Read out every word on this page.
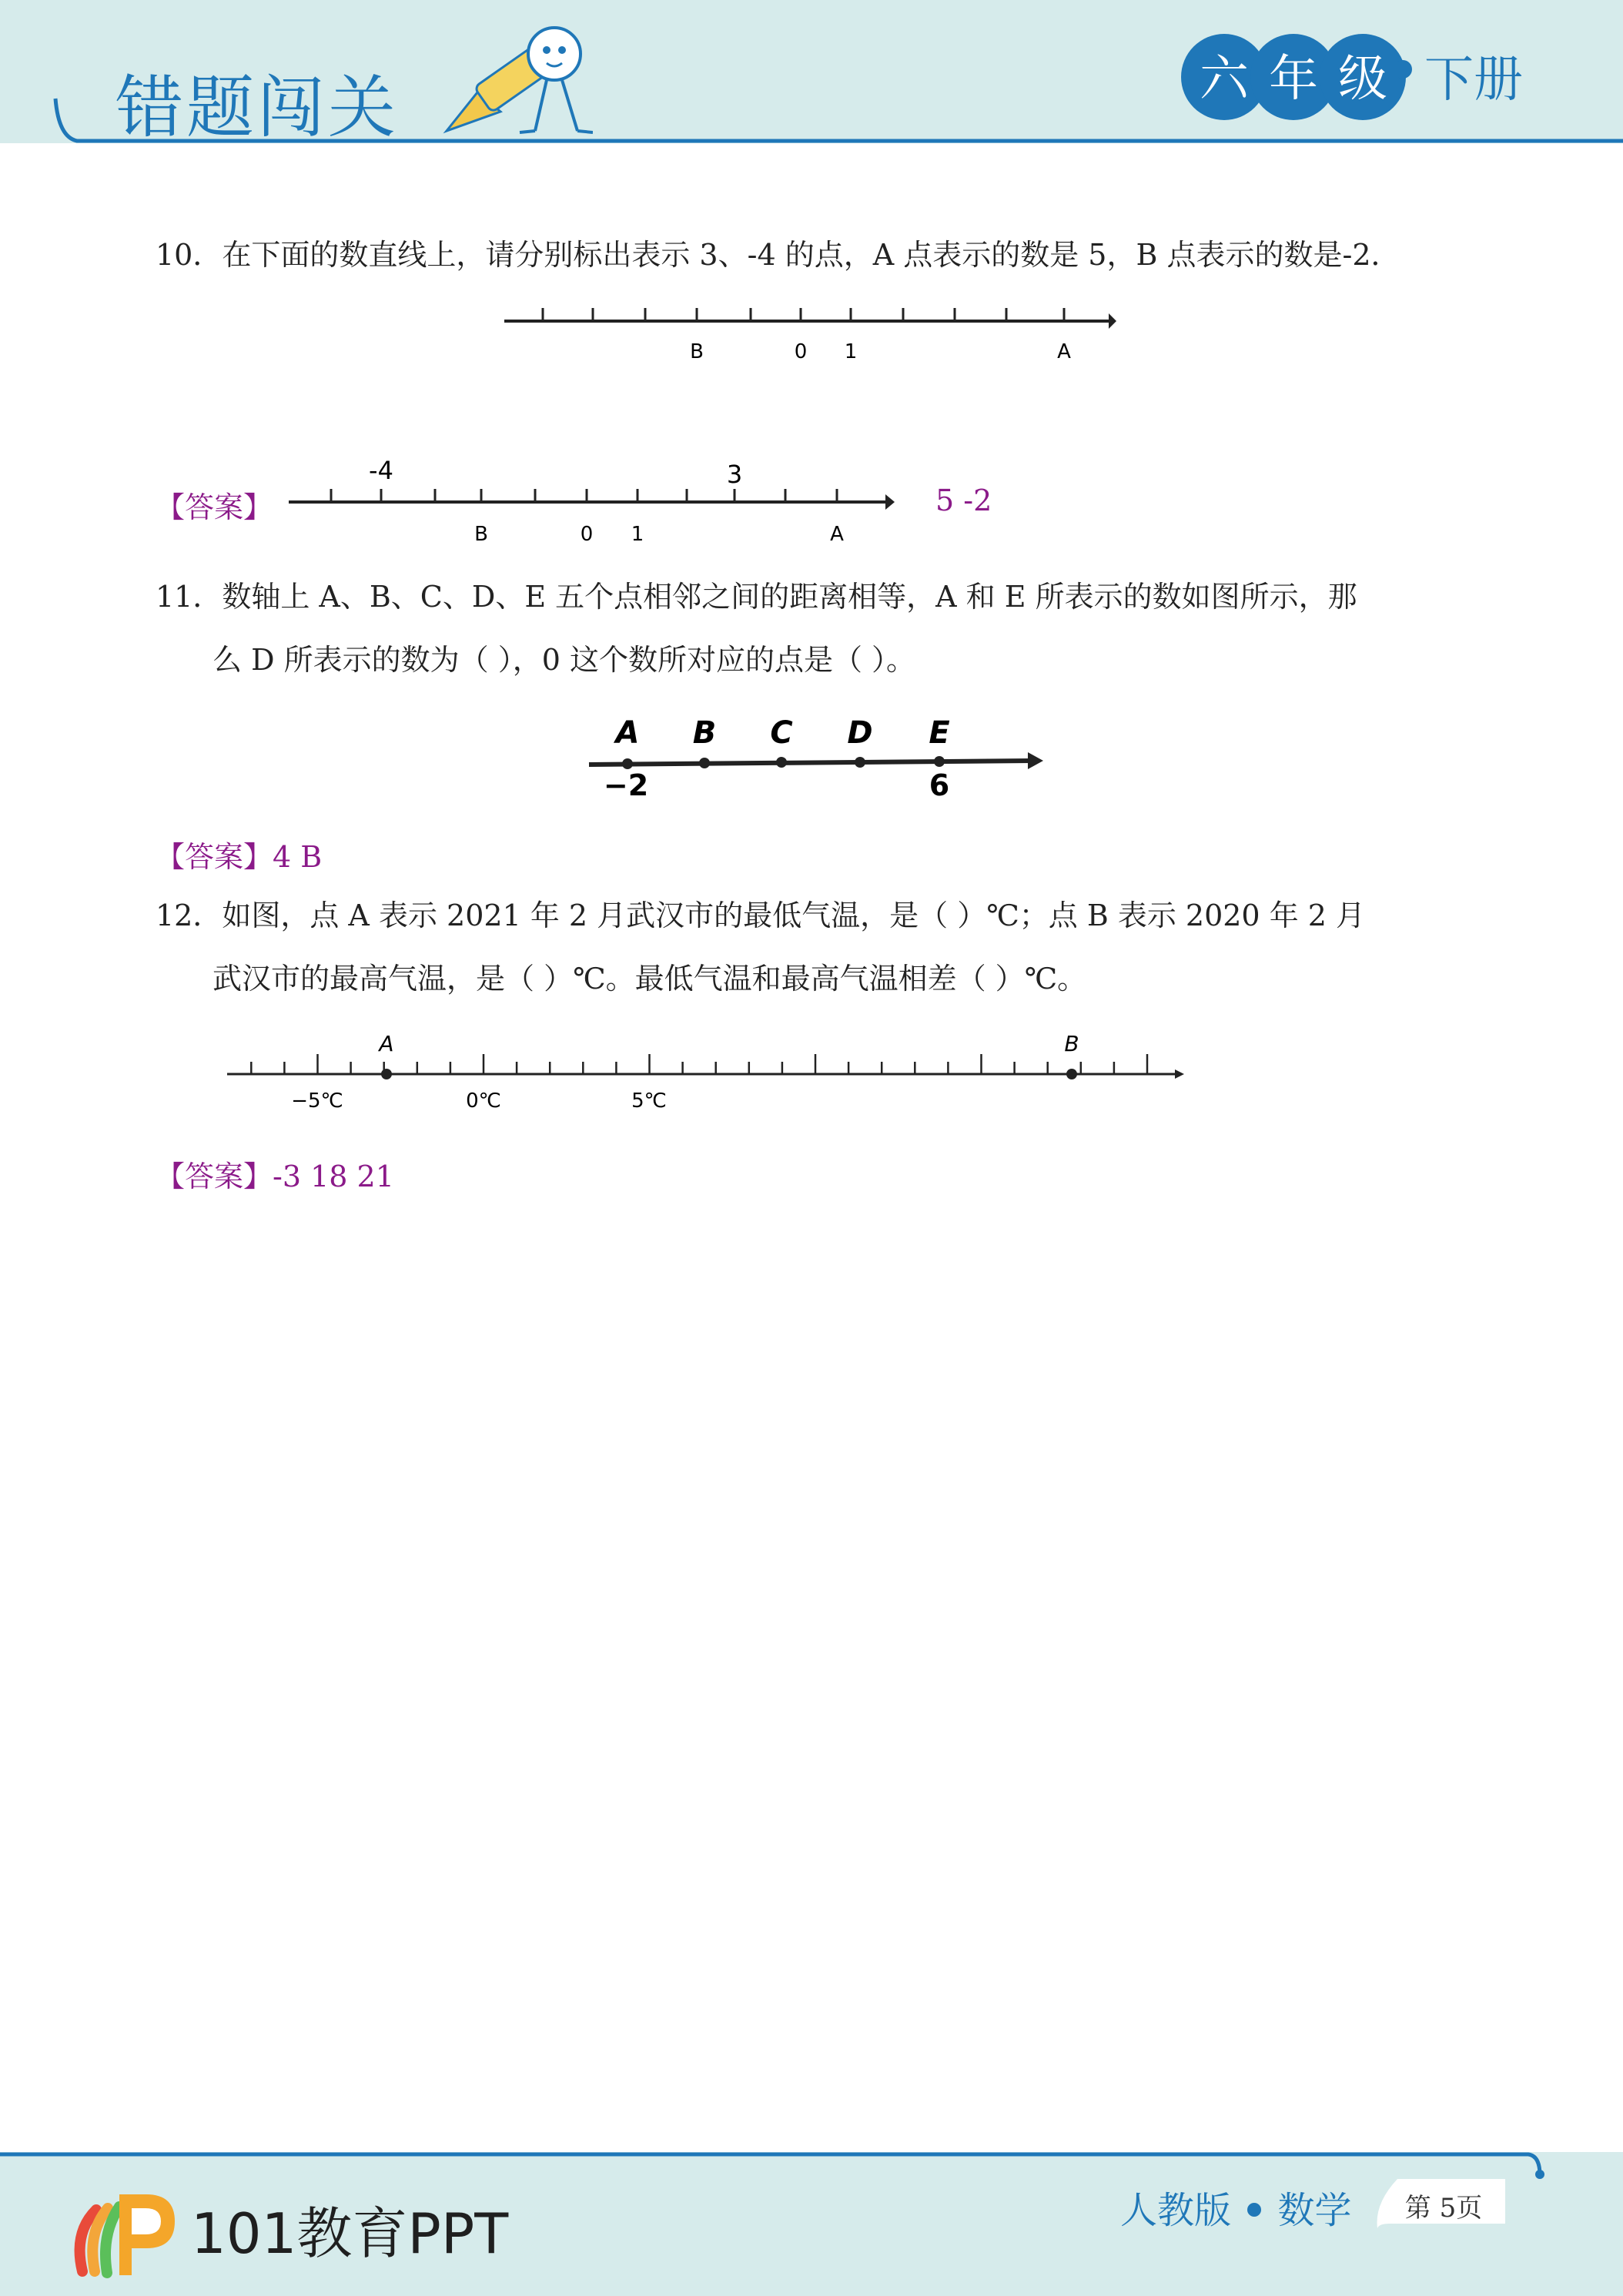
错题闯关	六 年 级 下册
10．在下面的数直线上，请分别标出表示 3、-4 的点，A 点表示的数是 5，B 点表示的数是-2．
B	0 1	A
【答案】
-4	3
B	0 1	A
5 -2
11．数轴上 A、B、C、D、E 五个点相邻之间的距离相等，A 和 E 所表示的数如图所示，那
么 D 所表示的数为（ ），0 这个数所对应的点是（ ）。
A B C D E
−2	6
【答案】4 B
12．如图，点 A 表示 2021 年 2 月武汉市的最低气温，是（ ）℃；点 B 表示 2020 年 2 月
武汉市的最高气温，是（ ）℃。最低气温和最高气温相差（ ）℃。
A	B
−5℃	0℃	5℃
【答案】-3 18 21
101教育PPT	人教版 数学	第 5页
